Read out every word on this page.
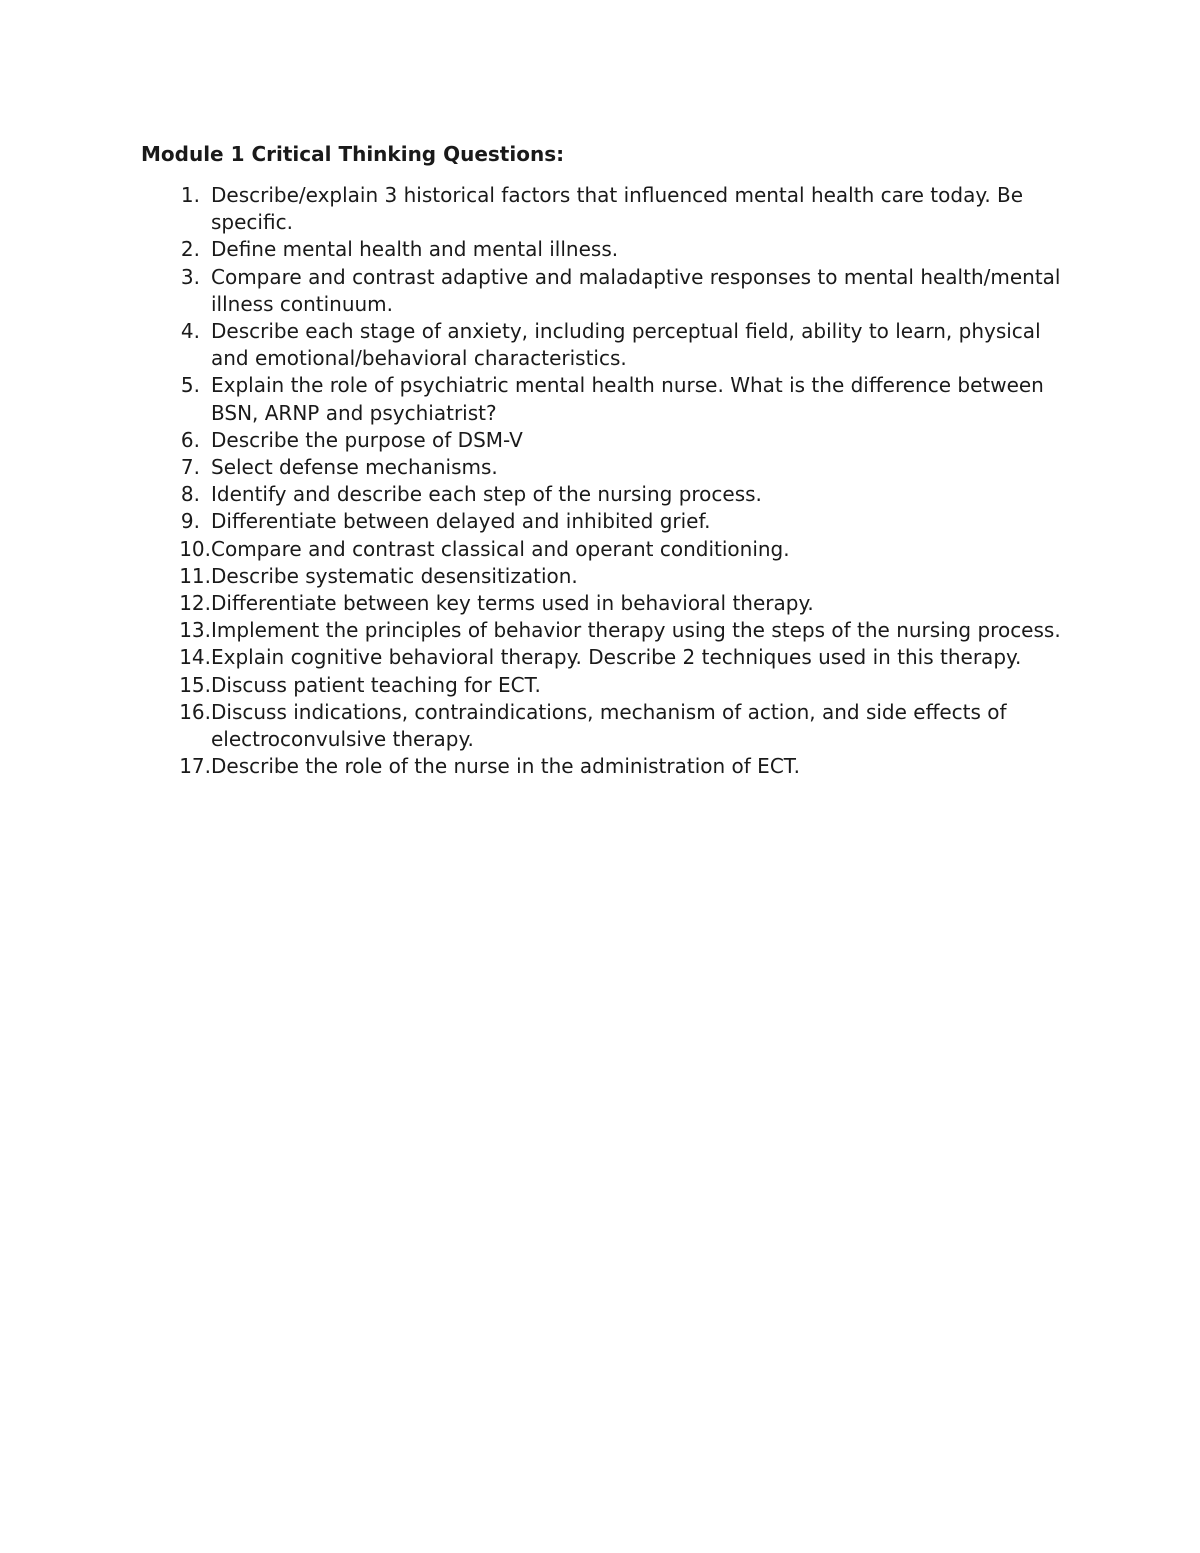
Module 1 Critical Thinking Questions:
1. Describe/explain 3 historical factors that influenced mental health care today. Be specific.
2. Define mental health and mental illness.
3. Compare and contrast adaptive and maladaptive responses to mental health/mental illness continuum.
4. Describe each stage of anxiety, including perceptual field, ability to learn, physical and emotional/behavioral characteristics.
5. Explain the role of psychiatric mental health nurse. What is the difference between BSN, ARNP and psychiatrist?
6. Describe the purpose of DSM-V
7. Select defense mechanisms.
8. Identify and describe each step of the nursing process.
9. Differentiate between delayed and inhibited grief.
10. Compare and contrast classical and operant conditioning.
11. Describe systematic desensitization.
12. Differentiate between key terms used in behavioral therapy.
13. Implement the principles of behavior therapy using the steps of the nursing process.
14. Explain cognitive behavioral therapy. Describe 2 techniques used in this therapy.
15. Discuss patient teaching for ECT.
16. Discuss indications, contraindications, mechanism of action, and side effects of electroconvulsive therapy.
17. Describe the role of the nurse in the administration of ECT.
